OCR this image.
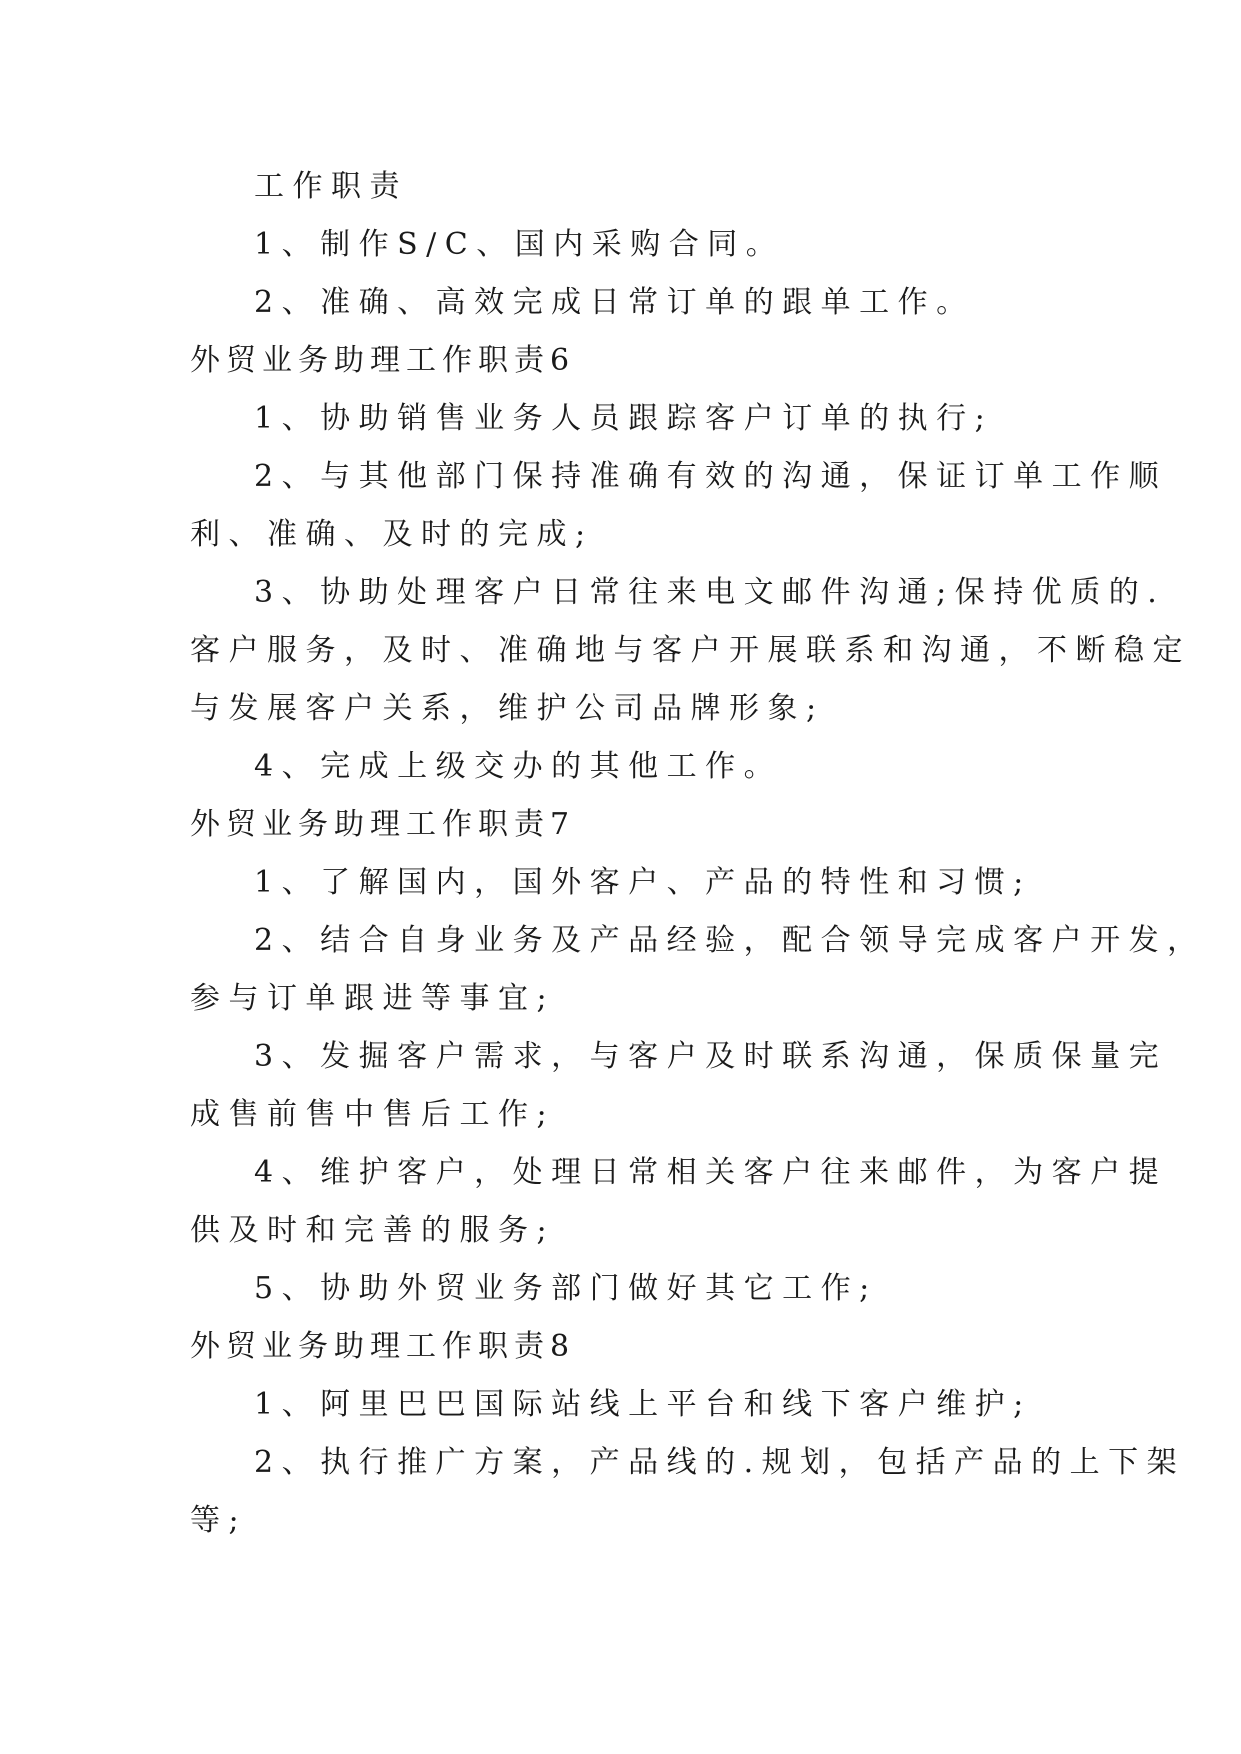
工作职责

1、制作S/C、国内采购合同。

2、准确、高效完成日常订单的跟单工作。

外贸业务助理工作职责6

1、协助销售业务人员跟踪客户订单的执行;

2、与其他部门保持准确有效的沟通，保证订单工作顺

利、准确、及时的完成;

3、协助处理客户日常往来电文邮件沟通;保持优质的.

客户服务，及时、准确地与客户开展联系和沟通，不断稳定

与发展客户关系，维护公司品牌形象;

4、完成上级交办的其他工作。

外贸业务助理工作职责7

1、了解国内，国外客户、产品的特性和习惯;

2、结合自身业务及产品经验，配合领导完成客户开发，

参与订单跟进等事宜;

3、发掘客户需求，与客户及时联系沟通，保质保量完

成售前售中售后工作;

4、维护客户，处理日常相关客户往来邮件，为客户提

供及时和完善的服务;

5、协助外贸业务部门做好其它工作;

外贸业务助理工作职责8

1、阿里巴巴国际站线上平台和线下客户维护;

2、执行推广方案，产品线的.规划，包括产品的上下架

等;
